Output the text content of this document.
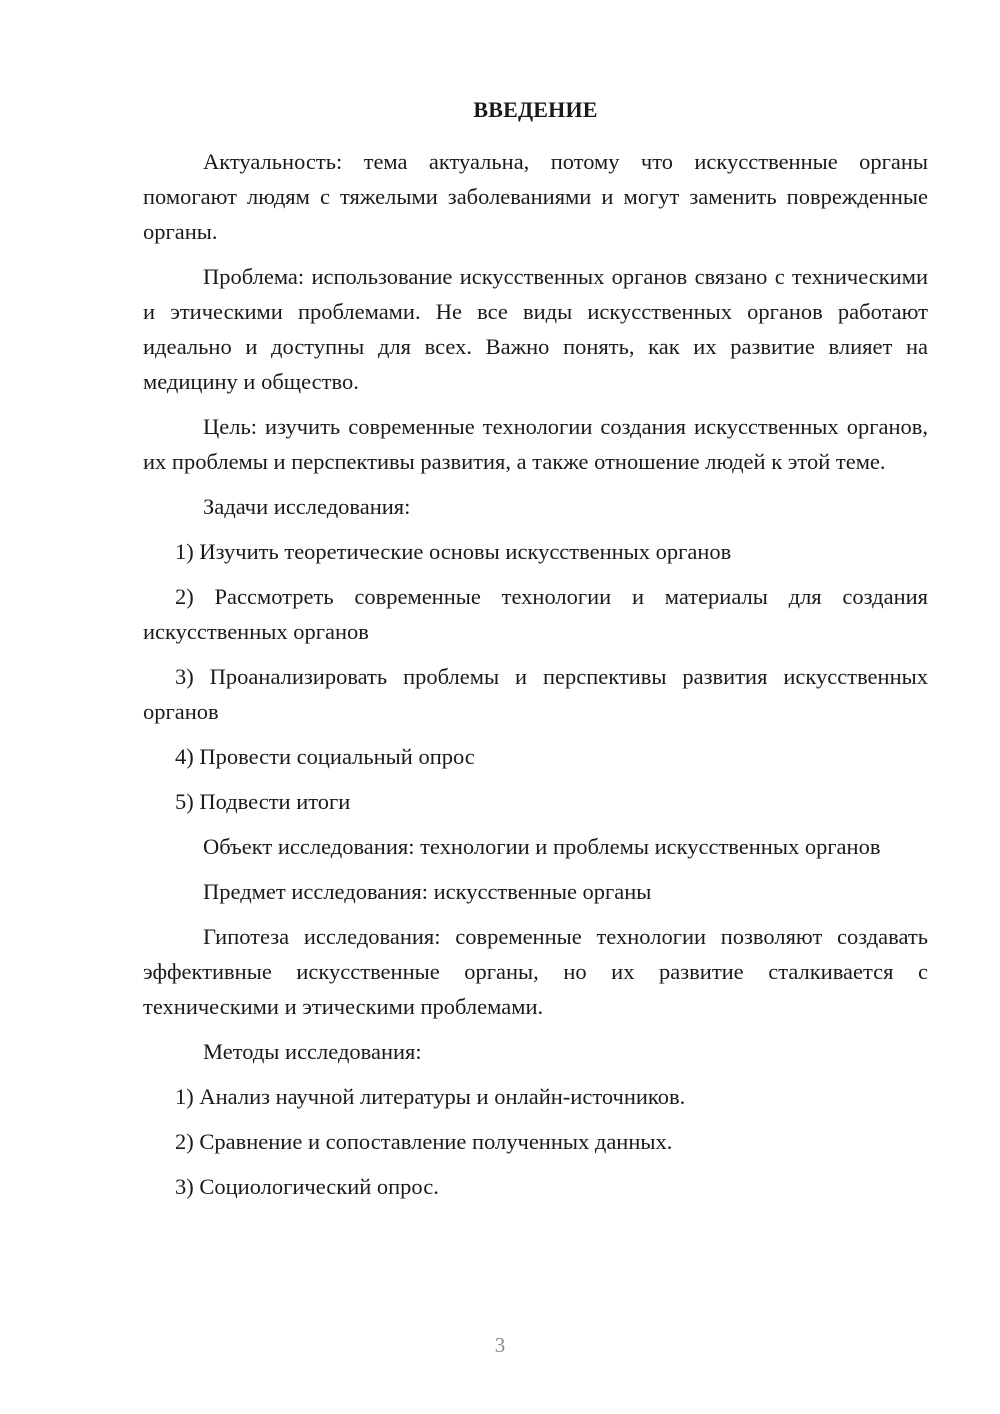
ВВЕДЕНИЕ

Актуальность: тема актуальна, потому что искусственные органы помогают людям с тяжелыми заболеваниями и могут заменить поврежденные органы.

Проблема: использование искусственных органов связано с техническими и этическими проблемами. Не все виды искусственных органов работают идеально и доступны для всех. Важно понять, как их развитие влияет на медицину и общество.

Цель: изучить современные технологии создания искусственных органов, их проблемы и перспективы развития, а также отношение людей к этой теме.

Задачи исследования:

1) Изучить теоретические основы искусственных органов

2) Рассмотреть современные технологии и материалы для создания искусственных органов

3) Проанализировать проблемы и перспективы развития искусственных органов

4) Провести социальный опрос

5) Подвести итоги

Объект исследования: технологии и проблемы искусственных органов

Предмет исследования: искусственные органы

Гипотеза исследования: современные технологии позволяют создавать эффективные искусственные органы, но их развитие сталкивается с техническими и этическими проблемами.

Методы исследования:

1) Анализ научной литературы и онлайн-источников.

2) Сравнение и сопоставление полученных данных.

3) Социологический опрос.

3
